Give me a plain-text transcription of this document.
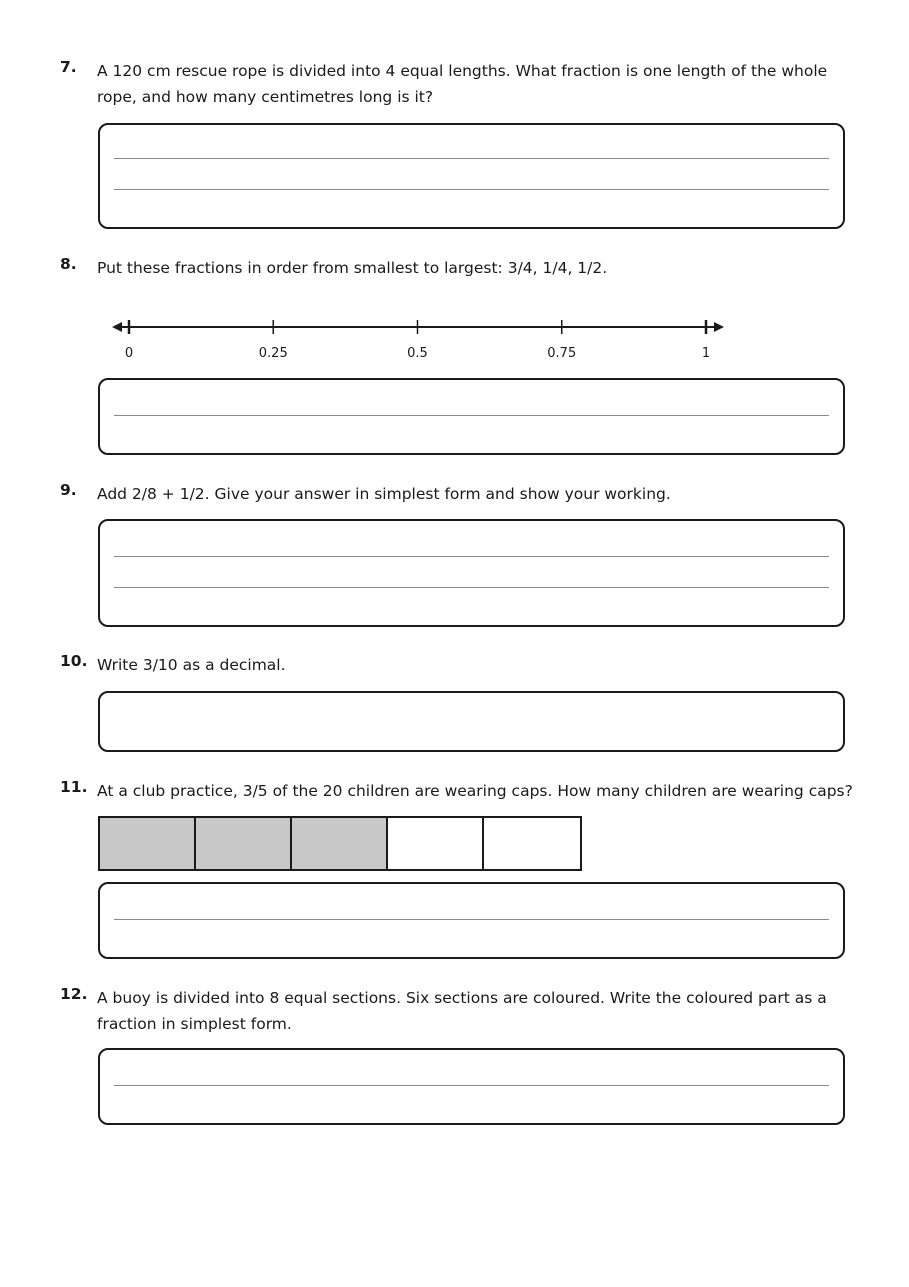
7. A 120 cm rescue rope is divided into 4 equal lengths. What fraction is one length of the whole rope, and how many centimetres long is it?
8. Put these fractions in order from smallest to largest: 3/4, 1/4, 1/2.
0	0.25	0.5	0.75	1
9. Add 2/8 + 1/2. Give your answer in simplest form and show your working.
10. Write 3/10 as a decimal.
11. At a club practice, 3/5 of the 20 children are wearing caps. How many children are wearing caps?
12. A buoy is divided into 8 equal sections. Six sections are coloured. Write the coloured part as a fraction in simplest form.
